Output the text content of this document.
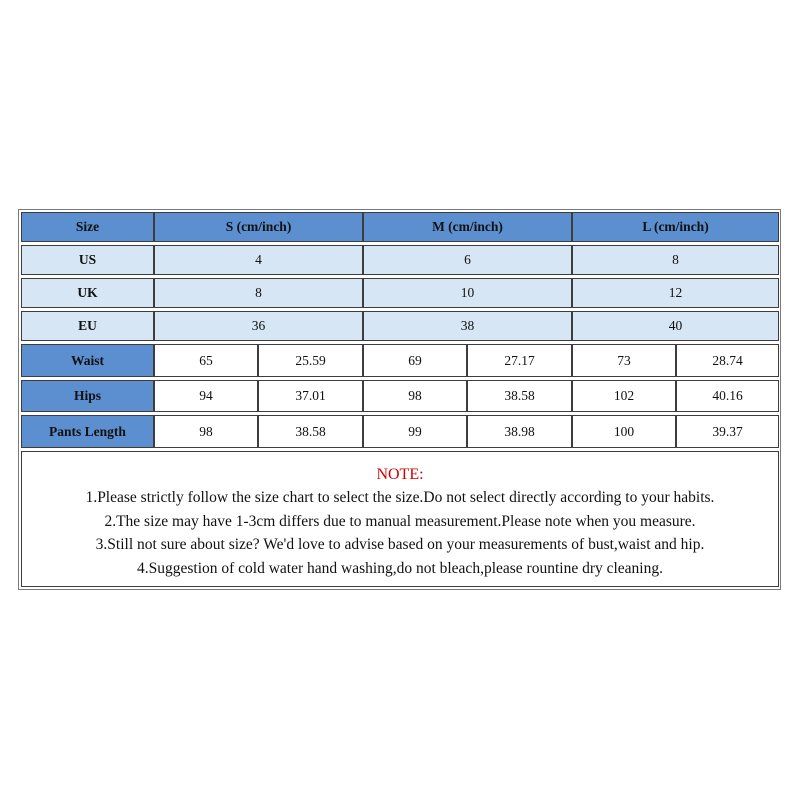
Size	S (cm/inch)	M (cm/inch)	L (cm/inch)
US	4	6	8
UK	8	10	12
EU	36	38	40
Waist	65	25.59	69	27.17	73	28.74
Hips	94	37.01	98	38.58	102	40.16
Pants Length	98	38.58	99	38.98	100	39.37
NOTE:
1.Please strictly follow the size chart to select the size.Do not select directly according to your habits.
2.The size may have 1-3cm differs due to manual measurement.Please note when you measure.
3.Still not sure about size? We'd love to advise based on your measurements of bust,waist and hip.
4.Suggestion of cold water hand washing,do not bleach,please rountine dry cleaning.
